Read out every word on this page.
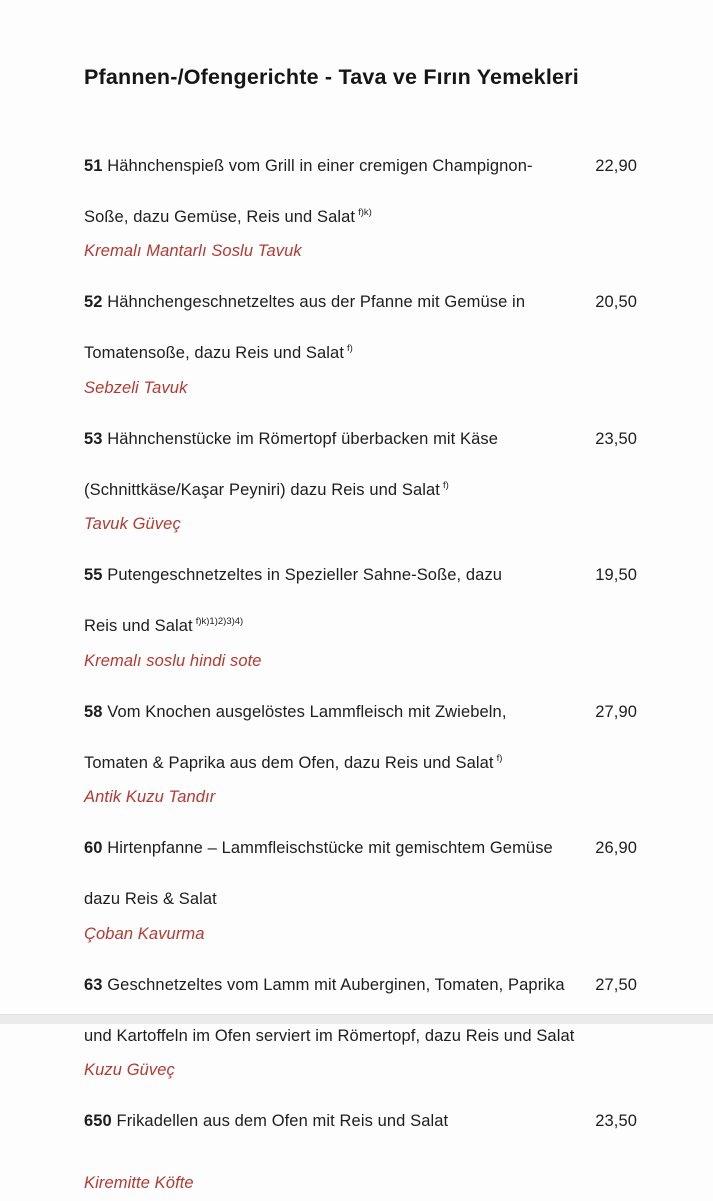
Pfannen-/Ofengerichte - Tava ve Fırın Yemekleri

51 Hähnchenspieß vom Grill in einer cremigen Champignon-	22,90

Soße, dazu Gemüse, Reis und Salat $^{f)k)}$

Kremalı Mantarlı Soslu Tavuk

52 Hähnchengeschnetzeltes aus der Pfanne mit Gemüse in	20,50

Tomatensoße, dazu Reis und Salat $^{f)}$

Sebzeli Tavuk

53 Hähnchenstücke im Römertopf überbacken mit Käse	23,50

(Schnittkäse/Kaşar Peyniri) dazu Reis und Salat $^{f)}$

Tavuk Güveç

55 Putengeschnetzeltes in Spezieller Sahne-Soße, dazu	19,50

Reis und Salat $^{f)k)1)2)3)4)}$

Kremalı soslu hindi sote

58 Vom Knochen ausgelöstes Lammfleisch mit Zwiebeln,	27,90

Tomaten & Paprika aus dem Ofen, dazu Reis und Salat $^{f)}$

Antik Kuzu Tandır

60 Hirtenpfanne – Lammfleischstücke mit gemischtem Gemüse	26,90

dazu Reis & Salat

Çoban Kavurma

63 Geschnetzeltes vom Lamm mit Auberginen, Tomaten, Paprika	27,50

und Kartoffeln im Ofen serviert im Römertopf, dazu Reis und Salat

Kuzu Güveç

650 Frikadellen aus dem Ofen mit Reis und Salat	23,50

Kiremitte Köfte
